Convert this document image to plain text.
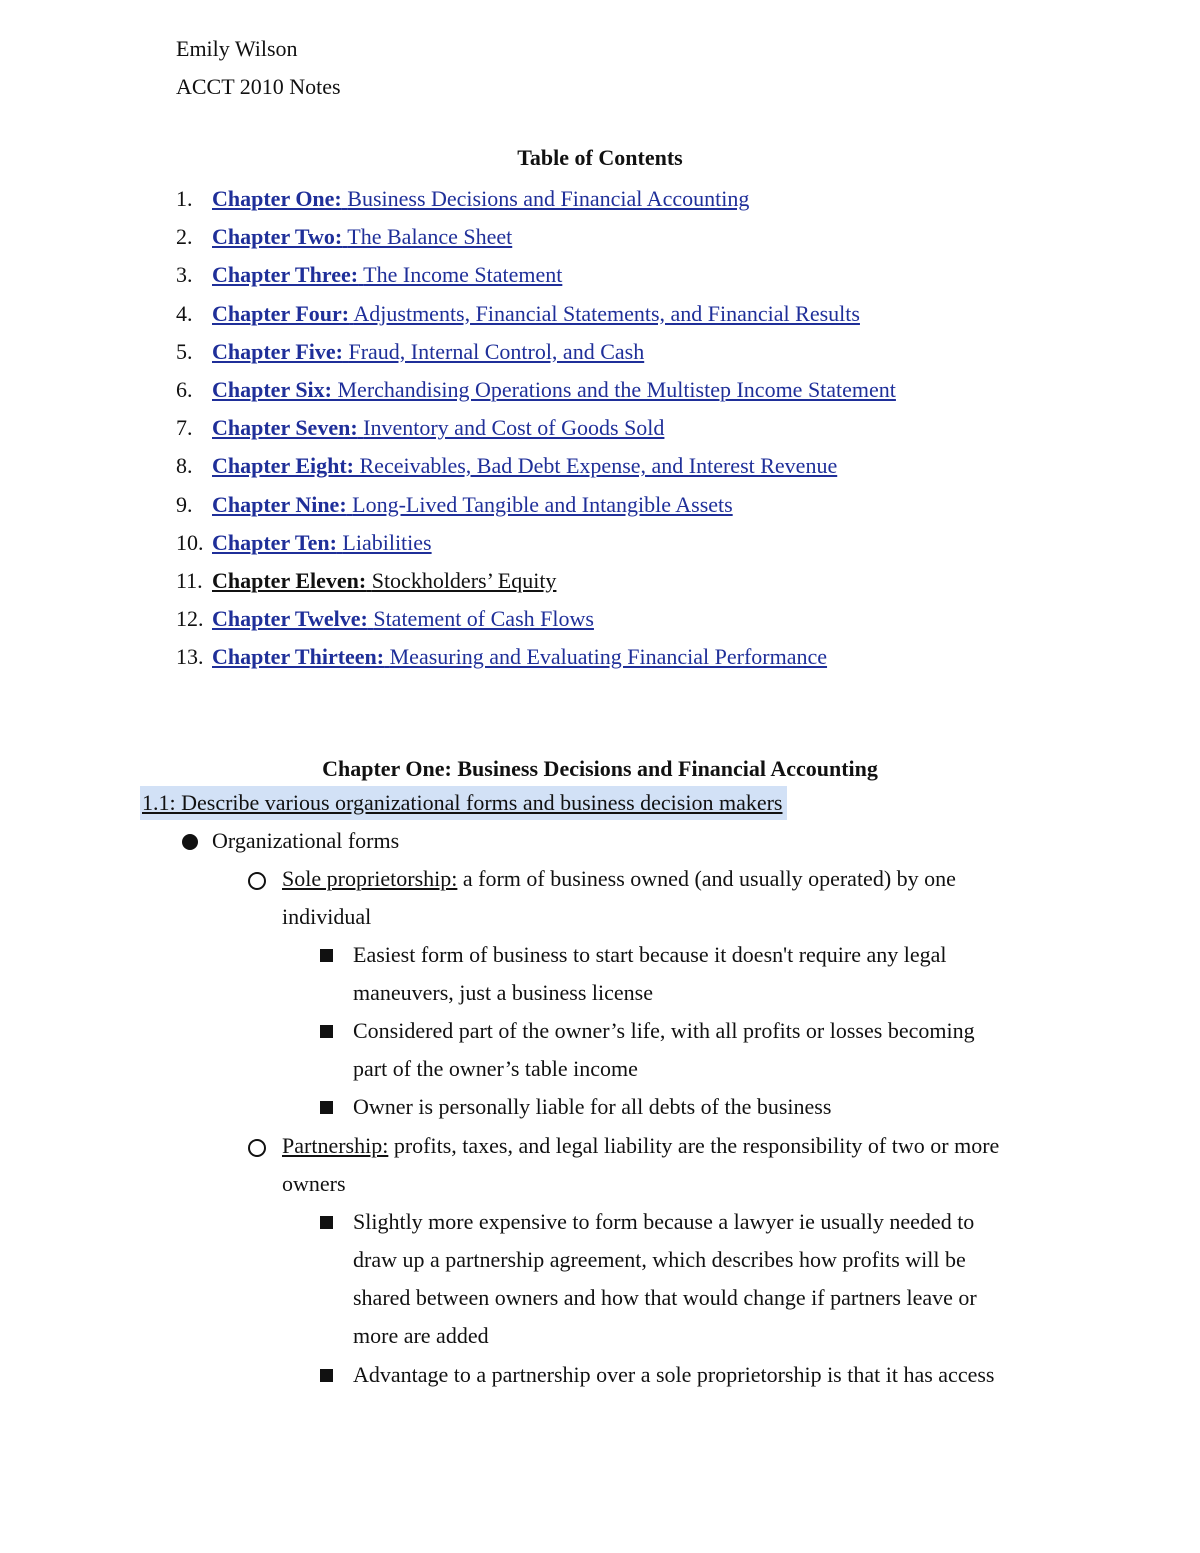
Emily Wilson
ACCT 2010 Notes
Table of Contents
1. Chapter One: Business Decisions and Financial Accounting
2. Chapter Two: The Balance Sheet
3. Chapter Three: The Income Statement
4. Chapter Four: Adjustments, Financial Statements, and Financial Results
5. Chapter Five: Fraud, Internal Control, and Cash
6. Chapter Six: Merchandising Operations and the Multistep Income Statement
7. Chapter Seven: Inventory and Cost of Goods Sold
8. Chapter Eight: Receivables, Bad Debt Expense, and Interest Revenue
9. Chapter Nine: Long-Lived Tangible and Intangible Assets
10. Chapter Ten: Liabilities
11. Chapter Eleven: Stockholders’ Equity
12. Chapter Twelve: Statement of Cash Flows
13. Chapter Thirteen: Measuring and Evaluating Financial Performance
Chapter One: Business Decisions and Financial Accounting
1.1: Describe various organizational forms and business decision makers
Organizational forms
Sole proprietorship: a form of business owned (and usually operated) by one
individual
Easiest form of business to start because it doesn't require any legal
maneuvers, just a business license
Considered part of the owner’s life, with all profits or losses becoming
part of the owner’s table income
Owner is personally liable for all debts of the business
Partnership: profits, taxes, and legal liability are the responsibility of two or more
owners
Slightly more expensive to form because a lawyer ie usually needed to
draw up a partnership agreement, which describes how profits will be
shared between owners and how that would change if partners leave or
more are added
Advantage to a partnership over a sole proprietorship is that it has access
